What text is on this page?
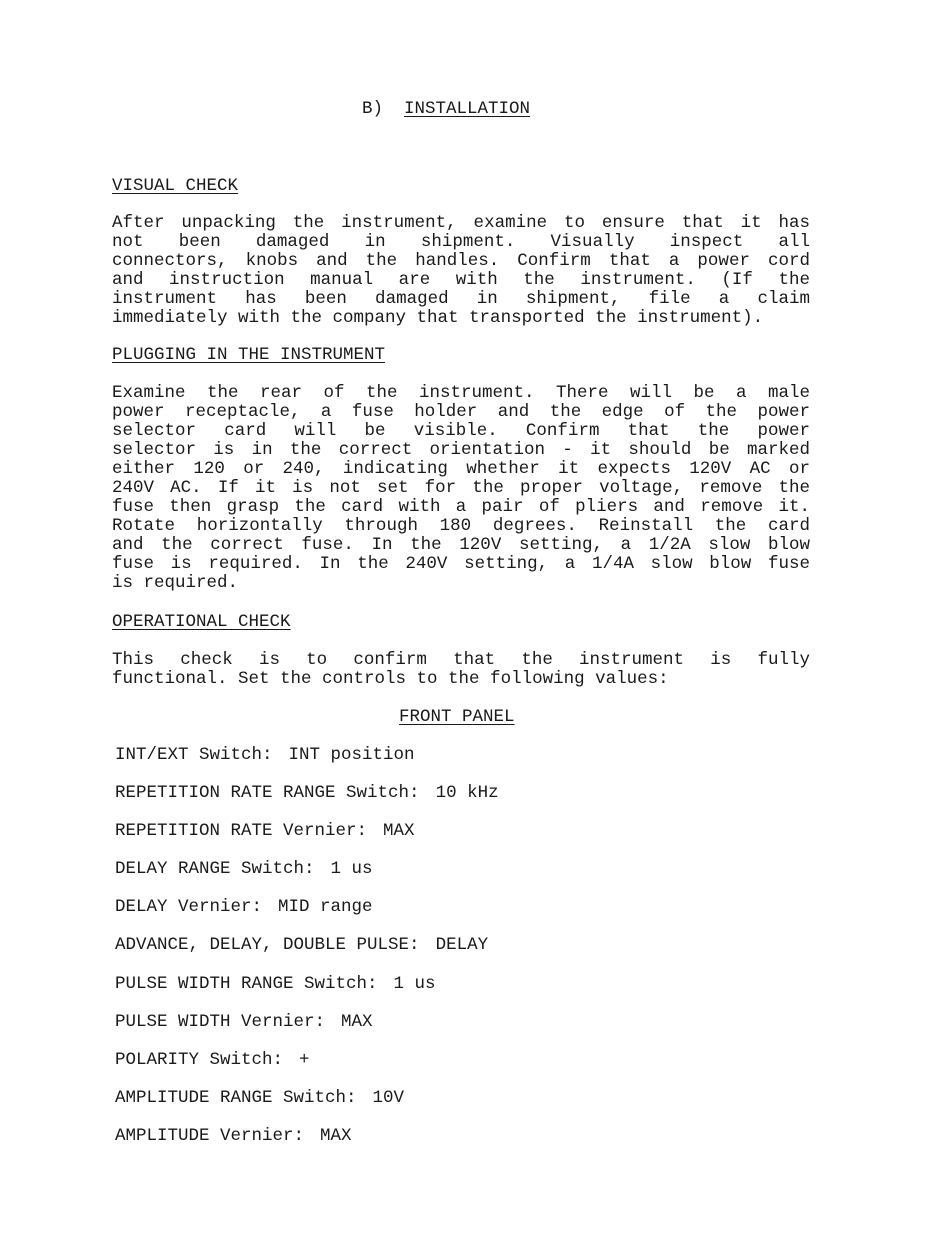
B) INSTALLATION
VISUAL CHECK
After unpacking the instrument, examine to ensure that it has
not been damaged in shipment. Visually inspect all
connectors, knobs and the handles. Confirm that a power cord
and instruction manual are with the instrument. (If the
instrument has been damaged in shipment, file a claim
immediately with the company that transported the instrument).
PLUGGING IN THE INSTRUMENT
Examine the rear of the instrument. There will be a male
power receptacle, a fuse holder and the edge of the power
selector card will be visible. Confirm that the power
selector is in the correct orientation - it should be marked
either 120 or 240, indicating whether it expects 120V AC or
240V AC. If it is not set for the proper voltage, remove the
fuse then grasp the card with a pair of pliers and remove it.
Rotate horizontally through 180 degrees. Reinstall the card
and the correct fuse. In the 120V setting, a 1/2A slow blow
fuse is required. In the 240V setting, a 1/4A slow blow fuse
is required.
OPERATIONAL CHECK
This check is to confirm that the instrument is fully
functional. Set the controls to the following values:
FRONT PANEL
INT/EXT Switch: INT position
REPETITION RATE RANGE Switch: 10 kHz
REPETITION RATE Vernier: MAX
DELAY RANGE Switch: 1 us
DELAY Vernier: MID range
ADVANCE, DELAY, DOUBLE PULSE: DELAY
PULSE WIDTH RANGE Switch: 1 us
PULSE WIDTH Vernier: MAX
POLARITY Switch: +
AMPLITUDE RANGE Switch: 10V
AMPLITUDE Vernier: MAX
